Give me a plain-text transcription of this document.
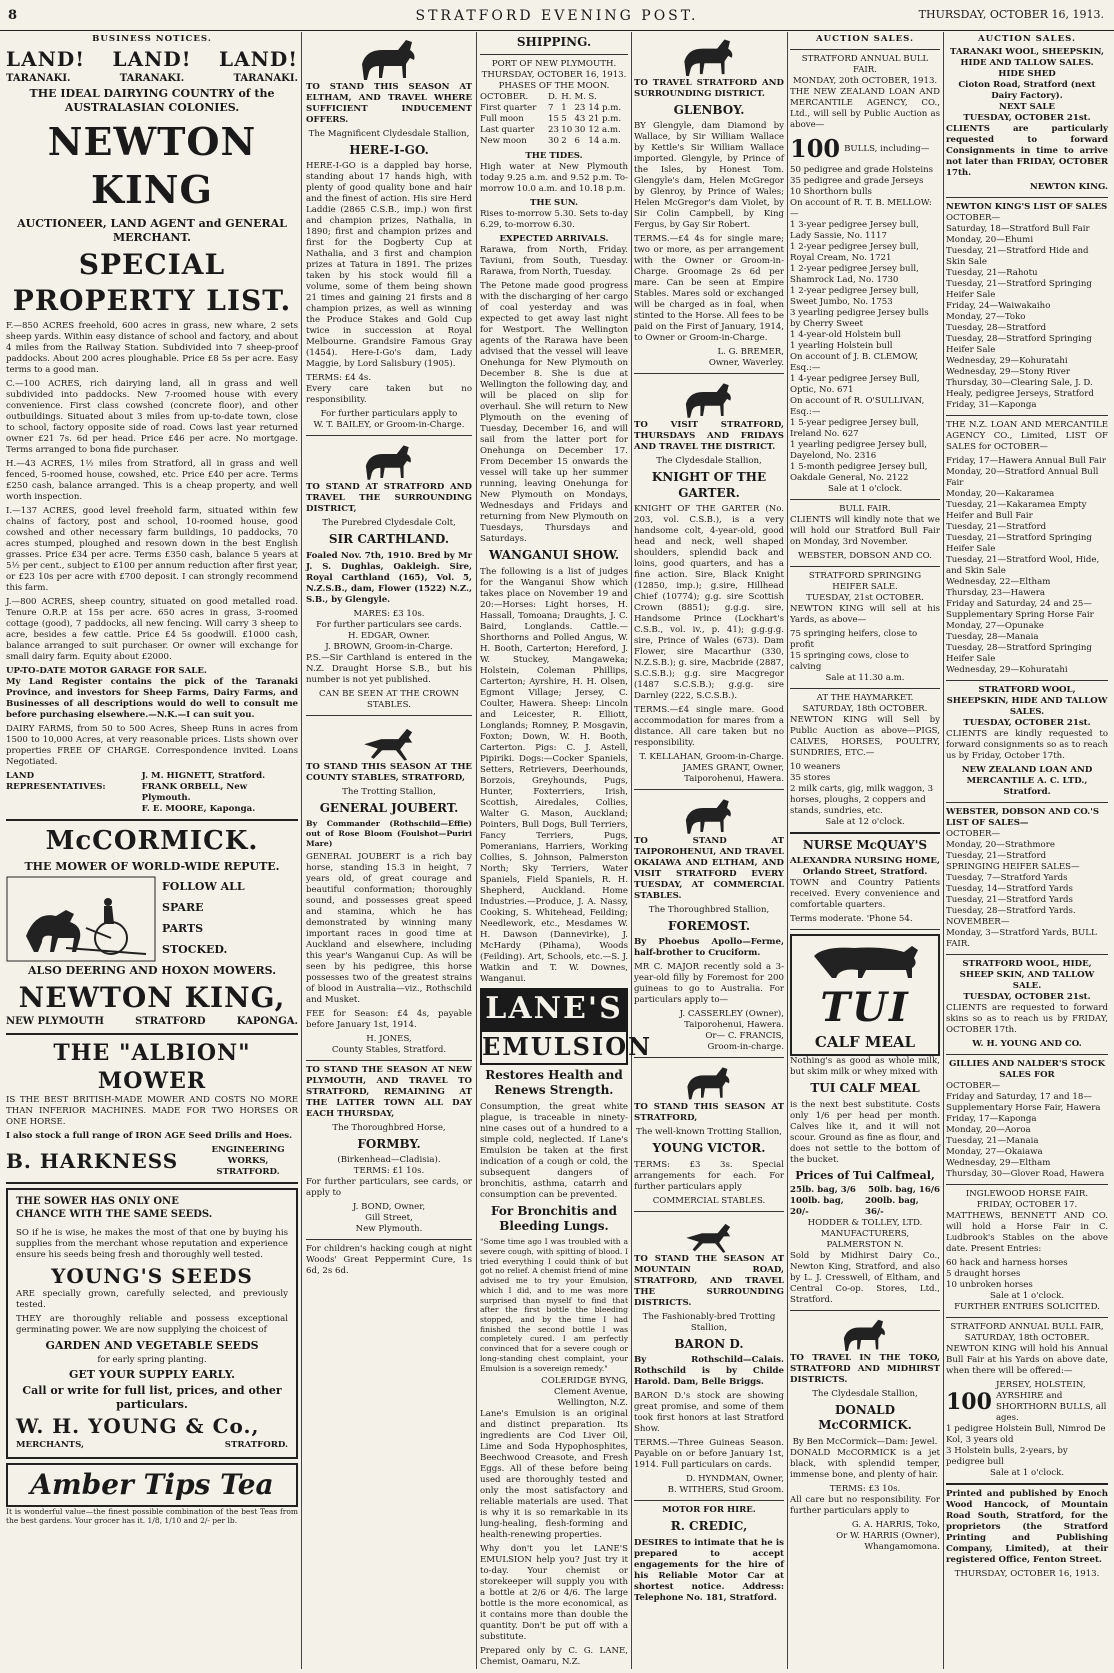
8	STRATFORD EVENING POST.	THURSDAY, OCTOBER 16, 1913.
BUSINESS NOTICES.
LAND! LAND! LAND!
TARANAKI.	TARANAKI.	TARANAKI.
THE IDEAL DAIRYING COUNTRY of the AUSTRALASIAN COLONIES.
NEWTON KING
AUCTIONEER, LAND AGENT and GENERAL MERCHANT.
SPECIAL PROPERTY LIST.

F.—850 ACRES freehold, 600 acres in grass, new whare, 2 sets sheep yards. Within easy distance of school and factory, and about 4 miles from the Railway Station. Subdivided into 7 sheep-proof paddocks. About 200 acres ploughable. Price £8 5s per acre. Easy terms to a good man.

C.—100 ACRES, rich dairying land, all in grass and well subdivided into paddocks. New 7-roomed house with every convenience. First class cowshed (concrete floor), and other outbuildings. Situated about 3 miles from up-to-date town, close to school, factory opposite side of road. Cows last year returned owner £21 7s. 6d per head. Price £46 per acre. No mortgage. Terms arranged to bona fide purchaser.

H.—43 ACRES, 1½ miles from Stratford, all in grass and well fenced, 5-roomed house, cowshed, etc. Price £40 per acre. Terms £250 cash, balance arranged. This is a cheap property, and well worth inspection.

I.—137 ACRES, good level freehold farm, situated within few chains of factory, post and school, 10-roomed house, good cowshed and other necessary farm buildings, 10 paddocks, 70 acres stumped, ploughed and resown down in the best English grasses. Price £34 per acre. Terms £350 cash, balance 5 years at 5½ per cent., subject to £100 per annum reduction after first year, or £23 10s per acre with £700 deposit. I can strongly recommend this farm.

J.—800 ACRES, sheep country, situated on good metalled road. Tenure O.R.P. at 15s per acre. 650 acres in grass, 3-roomed cottage (good), 7 paddocks, all new fencing. Will carry 3 sheep to acre, besides a few cattle. Price £4 5s goodwill. £1000 cash, balance arranged to suit purchaser. Or owner will exchange for small dairy farm. Equity about £2000.

UP-TO-DATE MOTOR GARAGE FOR SALE.

My Land Register contains the pick of the Taranaki Province, and investors for Sheep Farms, Dairy Farms, and Businesses of all descriptions would do well to consult me before purchasing elsewhere.—N.K.—I can suit you.

DAIRY FARMS, from 50 to 500 Acres, Sheep Runs in acres from 1500 to 10,000 Acres, at very reasonable prices. Lists shown over properties FREE OF CHARGE. Correspondence invited. Loans Negotiated.

LAND REPRESENTATIVES:
J. M. HIGNETT, Stratford.
FRANK ORBELL, New Plymouth.
F. E. MOORE, Kaponga.
McCORMICK.
THE MOWER OF WORLD-WIDE REPUTE.
FOLLOW ALL
SPARE
PARTS
STOCKED.
ALSO DEERING AND HOXON MOWERS.
NEWTON KING,
NEW PLYMOUTH	STRATFORD	KAPONGA.
THE "ALBION" MOWER

IS THE BEST BRITISH-MADE MOWER AND COSTS NO MORE THAN INFERIOR MACHINES. MADE FOR TWO HORSES OR ONE HORSE.

I also stock a full range of IRON AGE Seed Drills and Hoes.

B. HARKNESS	ENGINEERING WORKS, STRATFORD.
THE SOWER HAS ONLY ONE
CHANCE WITH THE SAME SEEDS.

SO if he is wise, he makes the most of that one by buying his supplies from the merchant whose reputation and experience ensure his seeds being fresh and thoroughly well tested.

YOUNG'S SEEDS

ARE specially grown, carefully selected, and previously tested.

THEY are thoroughly reliable and possess exceptional germinating power. We are now supplying the choicest of

GARDEN AND VEGETABLE SEEDS
for early spring planting.
GET YOUR SUPPLY EARLY.
Call or write for full list, prices, and other particulars.
W. H. YOUNG & Co.,
MERCHANTS,	STRATFORD.
Amber Tips Tea

It is wonderful value—the finest possible combination of the best Teas from the best gardens. Your grocer has it. 1/8, 1/10 and 2/- per lb.

TO STAND THIS SEASON AT ELTHAM, AND TRAVEL WHERE SUFFICIENT INDUCEMENT OFFERS.

The Magnificent Clydesdale Stallion,
HERE-I-GO.

HERE-I-GO is a dappled bay horse, standing about 17 hands high, with plenty of good quality bone and hair and the finest of action. His sire Herd Laddie (2865 C.S.B., imp.) won first and champion prizes, Nathalia, in 1890; first and champion prizes and first for the Dogberty Cup at Nathalia, and 3 first and champion prizes at Tatura in 1891. The prizes taken by his stock would fill a volume, some of them being shown 21 times and gaining 21 firsts and 8 champion prizes, as well as winning the Produce Stakes and Gold Cup twice in succession at Royal Melbourne. Grandsire Famous Gray (1454). Here-I-Go's dam, Lady Maggie, by Lord Salisbury (1905).

TERMS: £4 4s.

Every care taken but no responsibility.

For further particulars apply to
W. T. BAILEY, or Groom-in-Charge.

TO STAND AT STRATFORD AND TRAVEL THE SURROUNDING DISTRICT,

The Purebred Clydesdale Colt,
SIR CARTHLAND.

Foaled Nov. 7th, 1910. Bred by Mr J. S. Dughlas, Oakleigh. Sire, Royal Carthland (165), Vol. 5, N.Z.S.B., dam, Flower (1522) N.Z., S.B., by Glengyle.

MARES: £3 10s.
For further particulars see cards.
H. EDGAR, Owner.
J. BROWN, Groom-in-Charge.

P.S.—Sir Carthland is entered in the N.Z. Draught Horse S.B., but his number is not yet published.

CAN BE SEEN AT THE CROWN STABLES.

TO STAND THIS SEASON AT THE COUNTY STABLES, STRATFORD,

The Trotting Stallion,
GENERAL JOUBERT.

By Commander (Rothschild—Effie) out of Rose Bloom (Foulshot—Puriri Mare)

GENERAL JOUBERT is a rich bay horse, standing 15.3 in height, 7 years old, of great courage and beautiful conformation; thoroughly sound, and possesses great speed and stamina, which he has demonstrated by winning many important races in good time at Auckland and elsewhere, including this year's Wanganui Cup. As will be seen by his pedigree, this horse possesses two of the greatest strains of blood in Australia—viz., Rothschild and Musket.

FEE for Season: £4 4s, payable before January 1st, 1914.

H. JONES,
County Stables, Stratford.

TO STAND THE SEASON AT NEW PLYMOUTH, AND TRAVEL TO STRATFORD, REMAINING AT THE LATTER TOWN ALL DAY EACH THURSDAY,

The Thoroughbred Horse,
FORMBY.
(Birkenhead—Cladisia).
TERMS: £1 10s.

For further particulars, see cards, or apply to

J. BOND, Owner,
Gill Street,
New Plymouth.

For children's hacking cough at night Woods' Great Peppermint Cure, 1s 6d, 2s 6d.

SHIPPING.
PORT OF NEW PLYMOUTH.
THURSDAY, OCTOBER 16, 1913.
PHASES OF THE MOON.
OCTOBER.	D.	H.	M.	S.
First quarter	7	1	23	14 p.m.
Full moon	15	5	43	21 p.m.
Last quarter	23	10	30	12 a.m.
New moon	30	2	6	14 a.m.
THE TIDES.

High water at New Plymouth today 9.25 a.m. and 9.52 p.m. To-morrow 10.0 a.m. and 10.18 p.m.

THE SUN.

Rises to-morrow 5.30. Sets to-day 6.29, to-morrow 6.30.

EXPECTED ARRIVALS.

Rarawa, from North, Friday. Taviuni, from South, Tuesday. Rarawa, from North, Tuesday.

The Petone made good progress with the discharging of her cargo of coal yesterday and was expected to get away last night for Westport. The Wellington agents of the Rarawa have been advised that the vessel will leave Onehunga for New Plymouth on December 8. She is due at Wellington the following day, and will be placed on slip for overhaul. She will return to New Plymouth on the evening of Tuesday, December 16, and will sail from the latter port for Onehunga on December 17. From December 15 onwards the vessel will take up her summer running, leaving Onehunga for New Plymouth on Mondays, Wednesdays and Fridays and returning from New Plymouth on Tuesdays, Thursdays and Saturdays.

WANGANUI SHOW.

The following is a list of judges for the Wanganui Show which takes place on November 19 and 20:—Horses: Light horses, H. Hassall, Tomoana; Draughts, J. C. Baird, Longlands. Cattle.—Shorthorns and Polled Angus, W. H. Booth, Carterton; Hereford, J. W. Stuckey, Mangaweka; Holstein, Coleman Phillips, Carterton; Ayrshire, H. H. Olsen, Egmont Village; Jersey, C. Coulter, Hawera. Sheep: Lincoln and Leicester, R. Elliott, Longlands; Romney, P. Mosgavin, Foxton; Down, W. H. Booth, Carterton. Pigs: C. J. Astell, Pipiriki. Dogs:—Cocker Spaniels, Setters, Retrievers, Deerhounds, Borzois, Greyhounds, Pugs, Hunter, Foxterriers, Irish, Scottish, Airedales, Collies, Walter G. Mason, Auckland; Pointers, Bull Dogs, Bull Terriers, Fancy Terriers, Pugs, Pomeranians, Harriers, Working Collies, S. Johnson, Palmerston North; Sky Terriers, Water Spaniels, Field Spaniels, R. H. Shepherd, Auckland. Home Industries.—Produce, J. A. Nassy, Cooking, S. Whitehead, Feilding; Needlework, etc., Mesdames W. H. Dawson (Dannevirke), J. McHardy (Pihama), Woods (Feilding). Art, Schools, etc.—S. J. Watkin and T. W. Downes, Wanganui.

LANE'S
EMULSION
Restores Health and Renews Strength.

Consumption, the great white plague, is traceable in ninety-nine cases out of a hundred to a simple cold, neglected. If Lane's Emulsion be taken at the first indication of a cough or cold, the subsequent dangers of bronchitis, asthma, catarrh and consumption can be prevented.

For Bronchitis and Bleeding Lungs.

"Some time ago I was troubled with a severe cough, with spitting of blood. I tried everything I could think of but got no relief. A chemist friend of mine advised me to try your Emulsion, which I did, and to me was more surprised than myself to find that after the first bottle the bleeding stopped, and by the time I had finished the second bottle I was completely cured. I am perfectly convinced that for a severe cough or long-standing chest complaint, your Emulsion is a sovereign remedy."

COLERIDGE BYNG,
Clement Avenue,
Wellington, N.Z.

Lane's Emulsion is an original and distinct preparation. Its ingredients are Cod Liver Oil, Lime and Soda Hypophosphites, Beechwood Creasote, and Fresh Eggs. All of these before being used are thoroughly tested and only the most satisfactory and reliable materials are used. That is why it is so remarkable in its lung-healing, flesh-forming and health-renewing properties.

Why don't you let LANE'S EMULSION help you? Just try it to-day. Your chemist or storekeeper will supply you with a bottle at 2/6 or 4/6. The large bottle is the more economical, as it contains more than double the quantity. Don't be put off with a substitute.

Prepared only by C. G. LANE, Chemist, Oamaru, N.Z.

TO TRAVEL STRATFORD AND SURROUNDING DISTRICT.

GLENBOY.

BY Glengyle, dam Diamond by Wallace, by Sir William Wallace by Kettle's Sir William Wallace imported. Glengyle, by Prince of the Isles, by Honest Tom. Glengyle's dam, Helen McGregor by Glenroy, by Prince of Wales; Helen McGregor's dam Violet, by Sir Colin Campbell, by King Fergus, by Gay Sir Robert.

TERMS.—£4 4s for single mare; two or more, as per arrangement with the Owner or Groom-in-Charge. Groomage 2s 6d per mare. Can be seen at Empire Stables. Mares sold or exchanged will be charged as in foal, when stinted to the Horse. All fees to be paid on the First of January, 1914, to Owner or Groom-in-Charge.

L. G. BREMER,
Owner, Waverley.

TO VISIT STRATFORD, THURSDAYS AND FRIDAYS AND TRAVEL THE DISTRICT.

The Clydesdale Stallion,
KNIGHT OF THE GARTER.

KNIGHT OF THE GARTER (No. 203, vol. C.S.B.), is a very handsome colt, 4-year-old, good head and neck, well shaped shoulders, splendid back and loins, good quarters, and has a fine action. Sire, Black Knight (12850, imp.); g.sire, Hillhead Chief (10774); g.g. sire Scottish Crown (8851); g.g.g. sire, Handsome Prince (Lockhart's C.S.B., vol. iv., p. 41); g.g.g.g. sire, Prince of Wales (673). Dam Flower, sire Macarthur (330, N.Z.S.B.); g. sire, Macbride (2887, S.C.S.B.); g.g. sire Macgregor (1487 S.C.S.B.); g.g.g. sire Darnley (222, S.C.S.B.).

TERMS.—£4 single mare. Good accommodation for mares from a distance. All care taken but no responsibility.

T. KELLAHAN, Groom-in-Charge.
JAMES GRANT, Owner,
Taiporohenui, Hawera.

TO STAND AT TAIPOROHENUI, AND TRAVEL OKAIAWA AND ELTHAM, AND VISIT STRATFORD EVERY TUESDAY, AT COMMERCIAL STABLES.

The Thoroughbred Stallion,
FOREMOST.

By Phoebus Apollo—Ferme, half-brother to Cruciform.

MR C. MAJOR recently sold a 3-year-old filly by Foremost for 200 guineas to go to Australia. For particulars apply to—

J. CASSERLEY (Owner),
Taiporohenui, Hawera.
Or— C. FRANCIS,
Groom-in-charge.

TO STAND THIS SEASON AT STRATFORD,

The well-known Trotting Stallion,
YOUNG VICTOR.

TERMS: £3 3s. Special arrangements for each. For further particulars apply

COMMERCIAL STABLES.

TO STAND THE SEASON AT MOUNTAIN ROAD, STRATFORD, AND TRAVEL THE SURROUNDING DISTRICTS.

The Fashionably-bred Trotting Stallion,
BARON D.

By Rothschild—Calais. Rothschild is by Childe Harold. Dam, Belle Briggs.

BARON D.'s stock are showing great promise, and some of them took first honors at last Stratford Show.

TERMS.—Three Guineas Season. Payable on or before January 1st, 1914. Full particulars on cards.

D. HYNDMAN, Owner,
B. WITHERS, Stud Groom.
MOTOR FOR HIRE.
R. CREDIC,

DESIRES to intimate that he is prepared to accept engagements for the hire of his Reliable Motor Car at shortest notice. Address: Telephone No. 181, Stratford.

AUCTION SALES.
STRATFORD ANNUAL BULL FAIR.
MONDAY, 20th OCTOBER, 1913.

THE NEW ZEALAND LOAN AND MERCANTILE AGENCY, CO., Ltd., will sell by Public Auction as above—

100 BULLS, including—
50 pedigree and grade Holsteins
35 pedigree and grade Jerseys
10 Shorthorn bulls
On account of R. T. B. MELLOW:—
1 3-year pedigree Jersey bull, Lady Sassie, No. 1117
1 2-year pedigree Jersey bull, Royal Cream, No. 1721
1 2-year pedigree Jersey bull, Shamrock Lad, No. 1730
1 2-year pedigree Jersey bull, Sweet Jumbo, No. 1753
3 yearling pedigree Jersey bulls by Cherry Sweet
1 4-year-old Holstein bull
1 yearling Holstein bull
On account of J. B. CLEMOW, Esq.:—
1 4-year pedigree Jersey Bull, Optic, No. 671
On account of R. O'SULLIVAN, Esq.:—
1 5-year pedigree Jersey bull, Ireland No. 627
1 yearling pedigree Jersey bull, Dayelond, No. 2316
1 5-month pedigree Jersey bull, Oakdale General, No. 2122
Sale at 1 o'clock.
BULL FAIR.

CLIENTS will kindly note that we will hold our Stratford Bull Fair on Monday, 3rd November.

WEBSTER, DOBSON AND CO.
STRATFORD SPRINGING HEIFER SALE.
TUESDAY, 21st OCTOBER.

NEWTON KING will sell at his Yards, as above—

75 springing heifers, close to profit
15 springing cows, close to calving
Sale at 11.30 a.m.
AT THE HAYMARKET.
SATURDAY, 18th OCTOBER.

NEWTON KING will Sell by Public Auction as above—PIGS, CALVES, HORSES, POULTRY, SUNDRIES, ETC.—

10 weaners
35 stores
2 milk carts, gig, milk waggon, 3 horses, ploughs, 2 coppers and stands, sundries, etc.
Sale at 12 o'clock.
NURSE McQUAY'S
ALEXANDRA NURSING HOME,
Orlando Street, Stratford.

TOWN and Country Patients received. Every convenience and comfortable quarters.

Terms moderate. 'Phone 54.
TUI
CALF MEAL

Nothing's as good as whole milk, but skim milk or whey mixed with

TUI CALF MEAL

is the next best substitute. Costs only 1/6 per head per month. Calves like it, and it will not scour. Ground as fine as flour, and does not settle to the bottom of the bucket.

Prices of Tui Calfmeal,
25lb. bag, 3/6 50lb. bag, 16/6
100lb. bag, 20/-
200lb. bag, 36/-
HODDER & TOLLEY, LTD.
MANUFACTURERS, PALMERSTON N.

Sold by Midhirst Dairy Co., Newton King, Stratford, and also by L. J. Cresswell, of Eltham, and Central Co-op. Stores, Ltd., Stratford.

TO TRAVEL IN THE TOKO, STRATFORD AND MIDHIRST DISTRICTS.

The Clydesdale Stallion,
DONALD McCORMICK.
By Ben McCormick—Dam: Jewel.

DONALD McCORMICK is a jet black, with splendid temper, immense bone, and plenty of hair.

TERMS: £3 10s.

All care but no responsibility. For further particulars apply to

G. A. HARRIS, Toko,
Or W. HARRIS (Owner),
Whangamomona.
AUCTION SALES.
TARANAKI WOOL, SHEEPSKIN, HIDE AND TALLOW SALES.
HIDE SHED
Cioton Road, Stratford (next Dairy Factory).
NEXT SALE
TUESDAY, OCTOBER 21st.

CLIENTS are particularly requested to forward Consignments in time to arrive not later than FRIDAY, OCTOBER 17th.

NEWTON KING.
NEWTON KING'S LIST OF SALES
OCTOBER—
Saturday, 18—Stratford Bull Fair
Monday, 20—Ehumi
Tuesday, 21—Stratford Hide and Skin Sale
Tuesday, 21—Rahotu
Tuesday, 21—Stratford Springing Heifer Sale
Friday, 24—Waiwakaiho
Monday, 27—Toko
Tuesday, 28—Stratford
Tuesday, 28—Stratford Springing Heifer Sale
Wednesday, 29—Kohuratahi
Wednesday, 29—Stony River
Thursday, 30—Clearing Sale, J. D. Healy, pedigree Jerseys, Stratford
Friday, 31—Kaponga

THE N.Z. LOAN AND MERCANTILE AGENCY CO., Limited, LIST OF SALES for OCTOBER—

Friday, 17—Hawera Annual Bull Fair
Monday, 20—Stratford Annual Bull Fair
Monday, 20—Kakaramea
Tuesday, 21—Kakaramea Empty Heifer and Bull Fair
Tuesday, 21—Stratford
Tuesday, 21—Stratford Springing Heifer Sale
Tuesday, 21—Stratford Wool, Hide, and Skin Sale
Wednesday, 22—Eltham
Thursday, 23—Hawera
Friday and Saturday, 24 and 25—Supplementary Spring Horse Fair
Monday, 27—Opunake
Tuesday, 28—Manaia
Tuesday, 28—Stratford Springing Heifer Sale
Wednesday, 29—Kohuratahi
STRATFORD WOOL, SHEEPSKIN, HIDE AND TALLOW SALES.
TUESDAY, OCTOBER 21st.

CLIENTS are kindly requested to forward consignments so as to reach us by Friday, October 17th.

NEW ZEALAND LOAN AND MERCANTILE A. C. LTD., Stratford.
WEBSTER, DOBSON AND CO.'S LIST OF SALES—
OCTOBER—
Monday, 20—Strathmore
Tuesday, 21—Stratford
SPRINGING HEIFER SALES—
Tuesday, 7—Stratford Yards
Tuesday, 14—Stratford Yards
Tuesday, 21—Stratford Yards
Tuesday, 28—Stratford Yards.
NOVEMBER—
Monday, 3—Stratford Yards, BULL FAIR.
STRATFORD WOOL, HIDE, SHEEP SKIN, AND TALLOW SALE.
TUESDAY, OCTOBER 21st.

CLIENTS are requested to forward skins so as to reach us by FRIDAY, OCTOBER 17th.

W. H. YOUNG AND CO.
GILLIES AND NALDER'S STOCK SALES FOR
OCTOBER—
Friday and Saturday, 17 and 18—Supplementary Horse Fair, Hawera
Friday, 17—Kaponga
Monday, 20—Aoroa
Tuesday, 21—Manaia
Monday, 27—Okaiawa
Wednesday, 29—Eltham
Thursday, 30—Glover Road, Hawera
INGLEWOOD HORSE FAIR.
FRIDAY, OCTOBER 17.

MATTHEWS, BENNETT AND CO. will hold a Horse Fair in C. Ludbrook's Stables on the above date. Present Entries:

60 hack and harness horses
5 draught horses
10 unbroken horses
Sale at 1 o'clock.
FURTHER ENTRIES SOLICITED.
STRATFORD ANNUAL BULL FAIR,
SATURDAY, 18th OCTOBER.

NEWTON KING will hold his Annual Bull Fair at his Yards on above date, when there will be offered:—

100
JERSEY, HOLSTEIN, AYRSHIRE and SHORTHORN BULLS, all ages.
1 pedigree Holstein Bull, Nimrod De Kol, 3 years old
3 Holstein bulls, 2-years, by pedigree bull
Sale at 1 o'clock.

Printed and published by Enoch Wood Hancock, of Mountain Road South, Stratford, for the proprietors (the Stratford Printing and Publishing Company, Limited), at their registered Office, Fenton Street.

THURSDAY, OCTOBER 16, 1913.
